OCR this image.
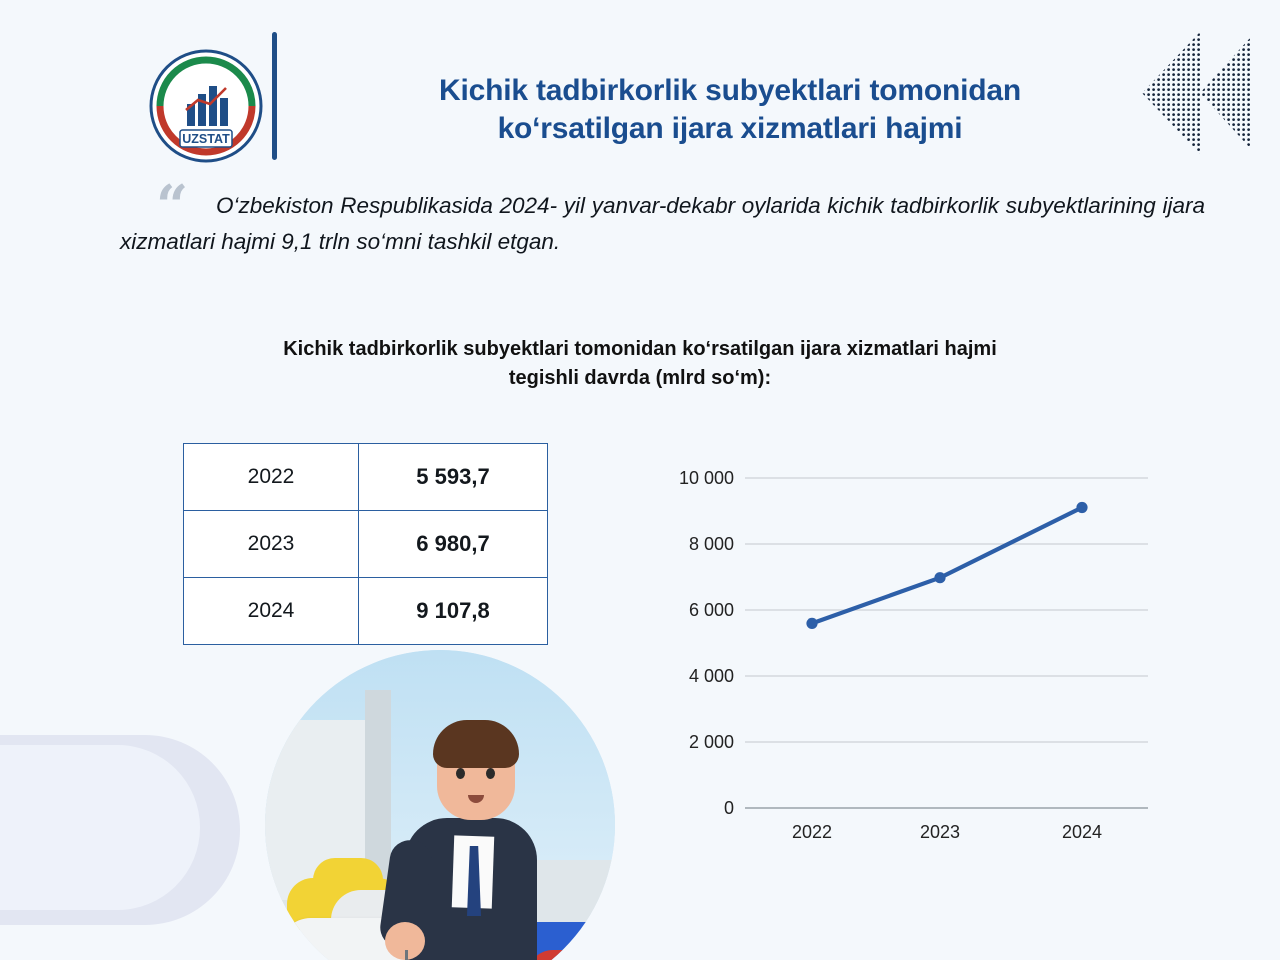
UZSTAT
Kichik tadbirkorlik subyektlari tomonidan
ko‘rsatilgan ijara xizmatlari hajmi
“	O‘zbekiston Respublikasida 2024- yil yanvar-dekabr oylarida kichik tadbirkorlik subyektlarining ijara xizmatlari hajmi 9,1 trln so‘mni tashkil etgan.
Kichik tadbirkorlik subyektlari tomonidan ko‘rsatilgan ijara xizmatlari hajmi
tegishli davrda (mlrd so‘m):
2022	5 593,7
2023	6 980,7
2024	9 107,8
10 000
8 000
6 000
4 000
2 000
0
2022	2023	2024
